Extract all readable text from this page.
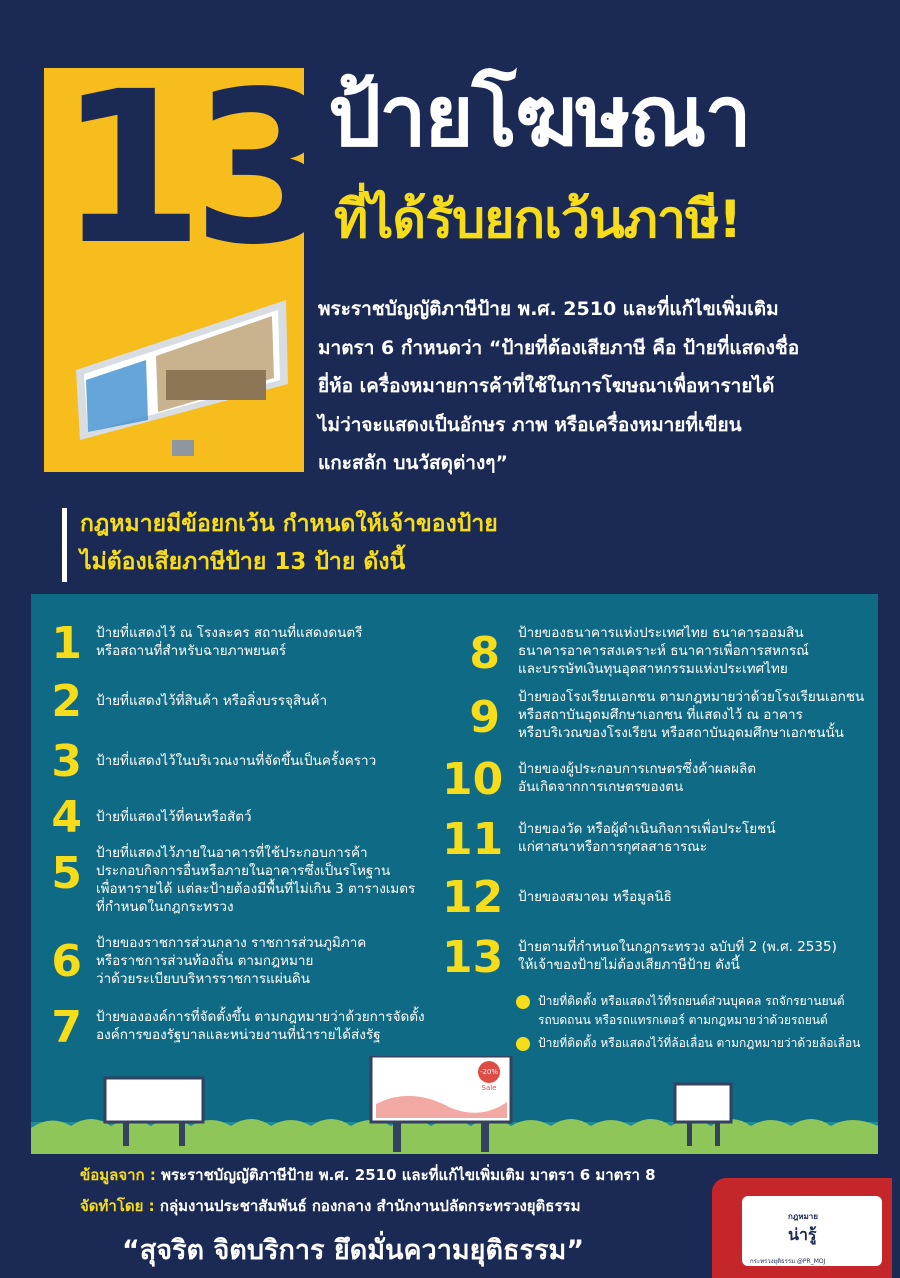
13 ป้ายโฆษณา
ที่ได้รับยกเว้นภาษี!

พระราชบัญญัติภาษีป้าย พ.ศ. 2510 และที่แก้ไขเพิ่มเติม

มาตรา 6 กำหนดว่า “ป้ายที่ต้องเสียภาษี คือ ป้ายที่แสดงชื่อ

ยี่ห้อ เครื่องหมายการค้าที่ใช้ในการโฆษณาเพื่อหารายได้

ไม่ว่าจะแสดงเป็นอักษร ภาพ หรือเครื่องหมายที่เขียน

แกะสลัก บนวัสดุต่างๆ”

กฎหมายมีข้อยกเว้น กำหนดให้เจ้าของป้าย

ไม่ต้องเสียภาษีป้าย 13 ป้าย ดังนี้

1 ป้ายที่แสดงไว้ ณ โรงละคร สถานที่แสดงดนตรี

หรือสถานที่สำหรับฉายภาพยนตร์

2 ป้ายที่แสดงไว้ที่สินค้า หรือสิ่งบรรจุสินค้า

3 ป้ายที่แสดงไว้ในบริเวณงานที่จัดขึ้นเป็นครั้งคราว

4 ป้ายที่แสดงไว้ที่คนหรือสัตว์

5 ป้ายที่แสดงไว้ภายในอาคารที่ใช้ประกอบการค้า

ประกอบกิจการอื่นหรือภายในอาคารซึ่งเป็นรโหฐาน

เพื่อหารายได้ แต่ละป้ายต้องมีพื้นที่ไม่เกิน 3 ตารางเมตร

ที่กำหนดในกฎกระทรวง

6 ป้ายของราชการส่วนกลาง ราชการส่วนภูมิภาค

หรือราชการส่วนท้องถิ่น ตามกฎหมาย

ว่าด้วยระเบียบบริหารราชการแผ่นดิน

7 ป้ายขององค์การที่จัดตั้งขึ้น ตามกฎหมายว่าด้วยการจัดตั้ง

องค์การของรัฐบาลและหน่วยงานที่นำรายได้ส่งรัฐ

8 ป้ายของธนาคารแห่งประเทศไทย ธนาคารออมสิน

ธนาคารอาคารสงเคราะห์ ธนาคารเพื่อการสหกรณ์

และบรรษัทเงินทุนอุตสาหกรรมแห่งประเทศไทย

9 ป้ายของโรงเรียนเอกชน ตามกฎหมายว่าด้วยโรงเรียนเอกชน

หรือสถาบันอุดมศึกษาเอกชน ที่แสดงไว้ ณ อาคาร

หรือบริเวณของโรงเรียน หรือสถาบันอุดมศึกษาเอกชนนั้น

10 ป้ายของผู้ประกอบการเกษตรซึ่งค้าผลผลิต

อันเกิดจากการเกษตรของตน

11 ป้ายของวัด หรือผู้ดำเนินกิจการเพื่อประโยชน์

แก่ศาสนาหรือการกุศลสาธารณะ

12 ป้ายของสมาคม หรือมูลนิธิ

13 ป้ายตามที่กำหนดในกฎกระทรวง ฉบับที่ 2 (พ.ศ. 2535)

ให้เจ้าของป้ายไม่ต้องเสียภาษีป้าย ดังนี้

ป้ายที่ติดตั้ง หรือแสดงไว้ที่รถยนต์ส่วนบุคคล รถจักรยานยนต์

รถบดถนน หรือรถแทรกเตอร์ ตามกฎหมายว่าด้วยรถยนต์

ป้ายที่ติดตั้ง หรือแสดงไว้ที่ล้อเลื่อน ตามกฎหมายว่าด้วยล้อเลื่อน

-20%
Sale

ข้อมูลจาก : พระราชบัญญัติภาษีป้าย พ.ศ. 2510 และที่แก้ไขเพิ่มเติม มาตรา 6 มาตรา 8

จัดทำโดย : กลุ่มงานประชาสัมพันธ์ กองกลาง สำนักงานปลัดกระทรวงยุติธรรม

“สุจริต จิตบริการ ยึดมั่นความยุติธรรม”
กฎหมาย
น่ารู้
กระทรวงยุติธรรม @PR_MOJ
